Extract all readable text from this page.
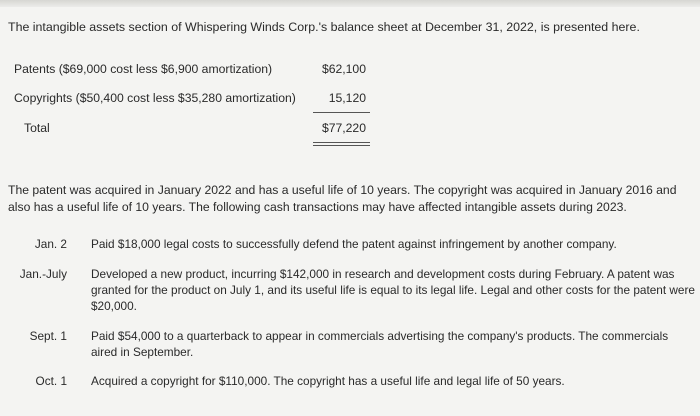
The intangible assets section of Whispering Winds Corp.'s balance sheet at December 31, 2022, is presented here.
Patents ($69,000 cost less $6,900 amortization)	$62,100
Copyrights ($50,400 cost less $35,280 amortization)	15,120
Total	$77,220
The patent was acquired in January 2022 and has a useful life of 10 years. The copyright was acquired in January 2016 and also has a useful life of 10 years. The following cash transactions may have affected intangible assets during 2023.
Jan. 2 Paid $18,000 legal costs to successfully defend the patent against infringement by another company.
Jan.-July Developed a new product, incurring $142,000 in research and development costs during February. A patent was granted for the product on July 1, and its useful life is equal to its legal life. Legal and other costs for the patent were $20,000.
Sept. 1 Paid $54,000 to a quarterback to appear in commercials advertising the company's products. The commercials aired in September.
Oct. 1 Acquired a copyright for $110,000. The copyright has a useful life and legal life of 50 years.
